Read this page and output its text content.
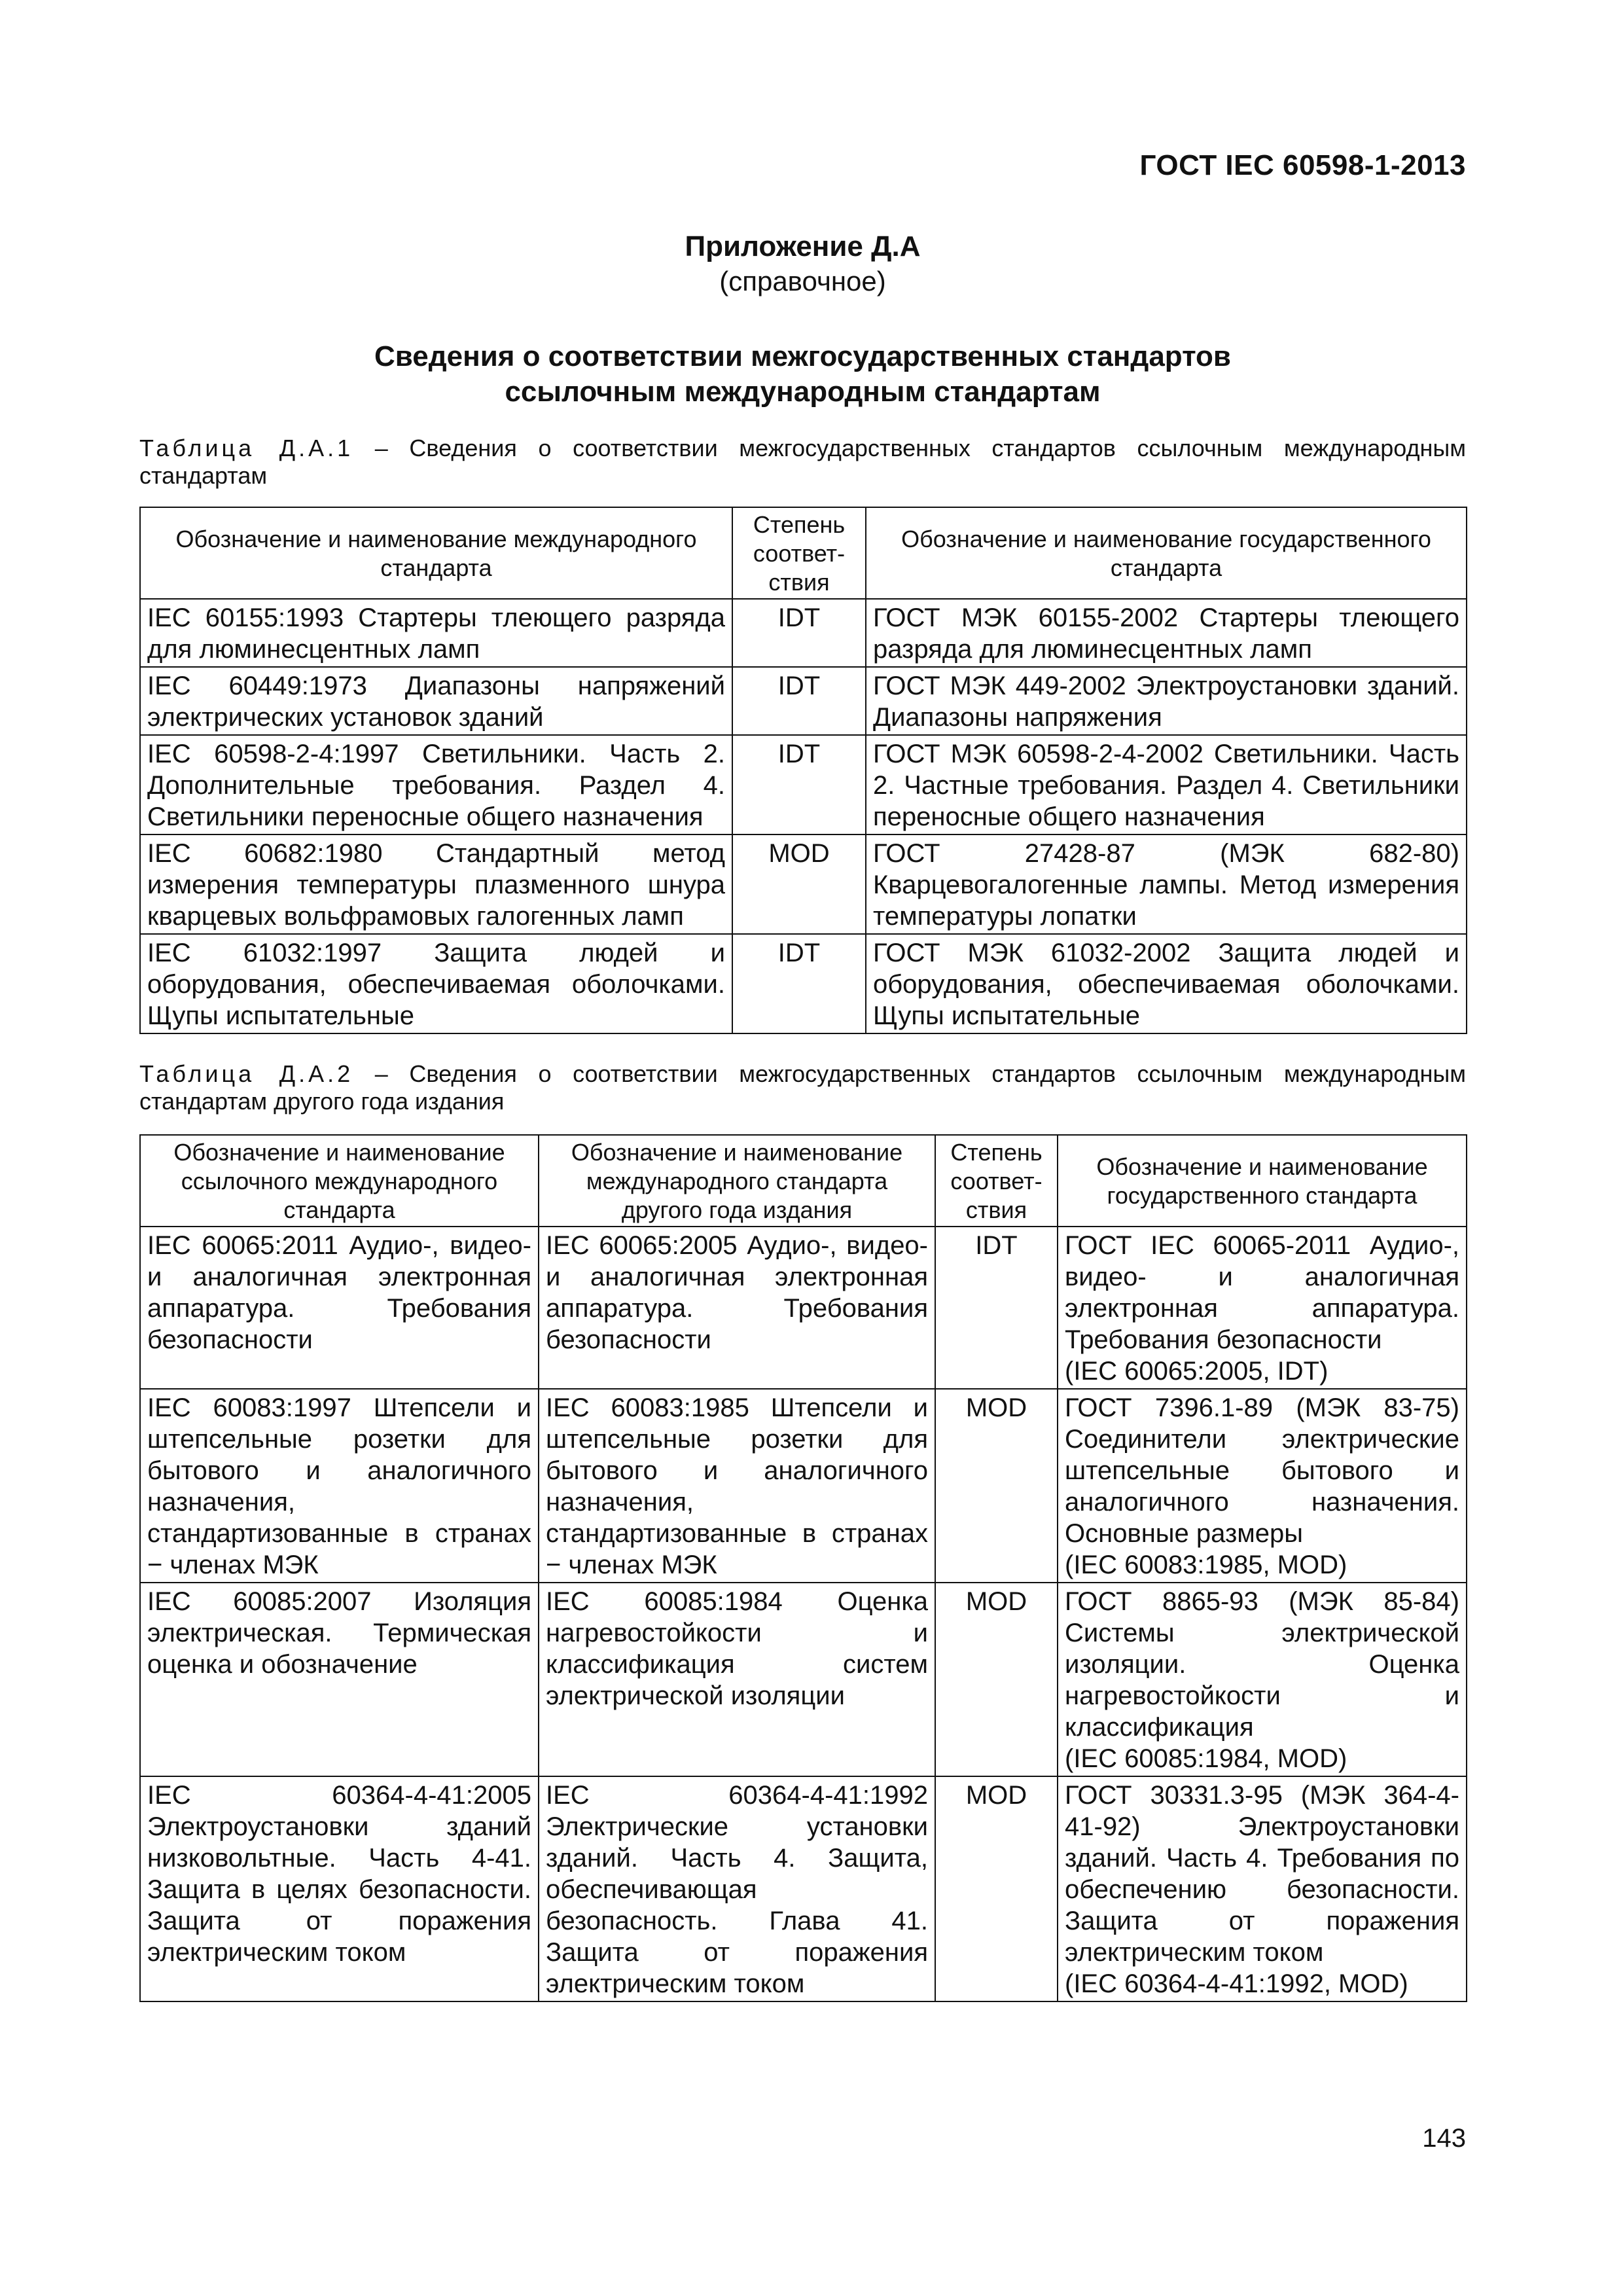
ГОСТ IEC 60598-1-2013
Приложение Д.А
(справочное)
Сведения о соответствии межгосударственных стандартов
ссылочным международным стандартам
Таблица Д.А.1 – Сведения о соответствии межгосударственных стандартов ссылочным международным стандартам
Обозначение и наименование международного стандарта	Степень соответ-ствия	Обозначение и наименование государственного стандарта
IEC 60155:1993 Стартеры тлеющего разряда для люминесцентных ламп	IDT	ГОСТ МЭК 60155-2002 Стартеры тлеющего разряда для люминесцентных ламп
IEC 60449:1973 Диапазоны напряжений электрических установок зданий	IDT	ГОСТ МЭК 449-2002 Электроустановки зданий. Диапазоны напряжения
IEC 60598-2-4:1997 Светильники. Часть 2. Дополнительные требования. Раздел 4. Светильники переносные общего назначения	IDT	ГОСТ МЭК 60598-2-4-2002 Светильники. Часть 2. Частные требования. Раздел 4. Светильники переносные общего назначения
IEC 60682:1980 Стандартный метод измерения температуры плазменного шнура кварцевых вольфрамовых галогенных ламп	MOD	ГОСТ 27428-87 (МЭК 682-80) Кварцевогалогенные лампы. Метод измерения температуры лопатки
IEC 61032:1997 Защита людей и оборудования, обеспечиваемая оболочками. Щупы испытательные	IDT	ГОСТ МЭК 61032-2002 Защита людей и оборудования, обеспечиваемая оболочками. Щупы испытательные
Таблица Д.А.2 – Сведения о соответствии межгосударственных стандартов ссылочным международным стандартам другого года издания
Обозначение и наименование ссылочного международного стандарта	Обозначение и наименование международного стандарта другого года издания	Степень соответ-ствия	Обозначение и наименование государственного стандарта
IEC 60065:2011 Аудио-, видео- и аналогичная электронная аппаратура. Требования безопасности	IEC 60065:2005 Аудио-, видео- и аналогичная электронная аппаратура. Требования безопасности	IDT	ГОСТ IEC 60065-2011 Аудио-, видео- и аналогичная электронная аппаратура. Требования безопасности
(IEC 60065:2005, IDT)
IEC 60083:1997 Штепсели и штепсельные розетки для бытового и аналогичного назначения, стандартизованные в странах − членах МЭК	IEC 60083:1985 Штепсели и штепсельные розетки для бытового и аналогичного назначения, стандартизованные в странах − членах МЭК	MOD	ГОСТ 7396.1-89 (МЭК 83-75) Соединители электрические штепсельные бытового и аналогичного назначения. Основные размеры
(IEC 60083:1985, MOD)
IEC 60085:2007 Изоляция электрическая. Термическая оценка и обозначение	IEC 60085:1984 Оценка нагревостойкости и классификация систем электрической изоляции	MOD	ГОСТ 8865-93 (МЭК 85-84) Системы электрической изоляции. Оценка нагревостойкости и классификация
(IEC 60085:1984, MOD)
IEC 60364-4-41:2005 Электроустановки зданий низковольтные. Часть 4-41. Защита в целях безопасности. Защита от поражения электрическим током	IEC 60364-4-41:1992 Электрические установки зданий. Часть 4. Защита, обеспечивающая безопасность. Глава 41. Защита от поражения электрическим током	MOD	ГОСТ 30331.3-95 (МЭК 364-4-41-92) Электроустановки зданий. Часть 4. Требования по обеспечению безопасности. Защита от поражения электрическим током
(IEC 60364-4-41:1992, MOD)
143
